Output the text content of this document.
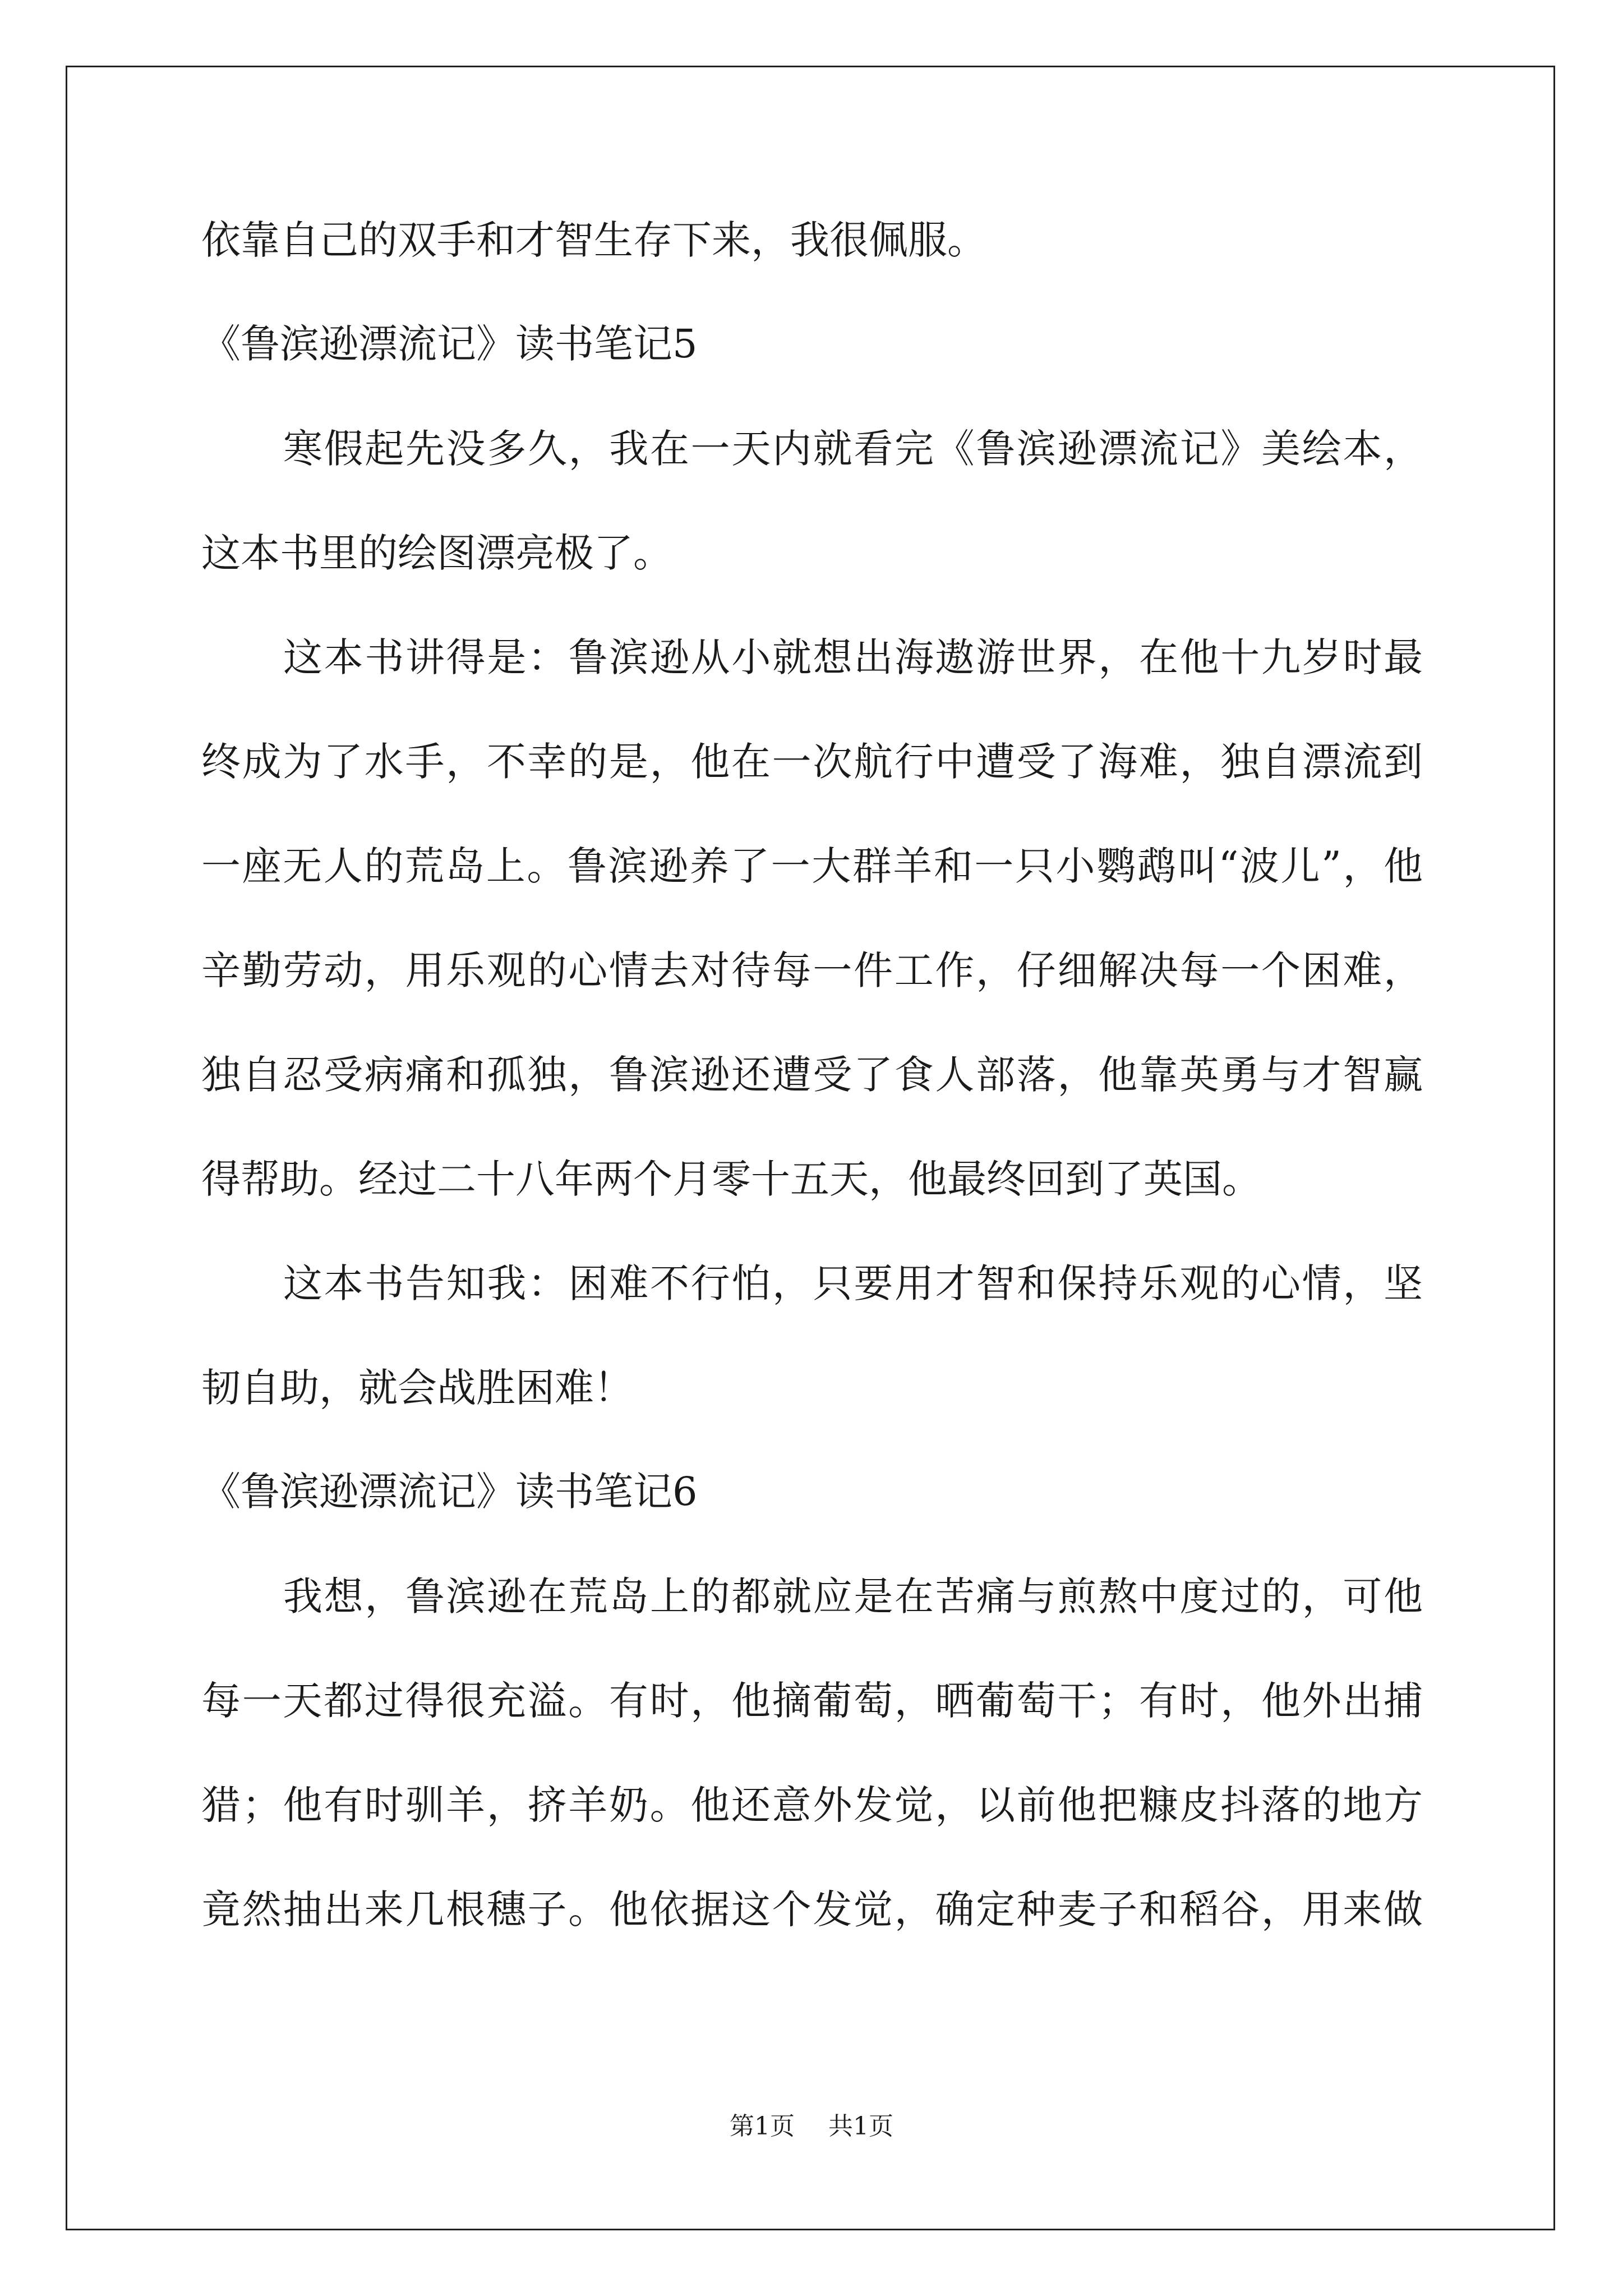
依靠自己的双手和才智生存下来，我很佩服。
《鲁滨逊漂流记》读书笔记5
寒假起先没多久，我在一天内就看完《鲁滨逊漂流记》美绘本，
这本书里的绘图漂亮极了。
这本书讲得是：鲁滨逊从小就想出海遨游世界，在他十九岁时最
终成为了水手，不幸的是，他在一次航行中遭受了海难，独自漂流到
一座无人的荒岛上。鲁滨逊养了一大群羊和一只小鹦鹉叫“波儿”，他
辛勤劳动，用乐观的心情去对待每一件工作，仔细解决每一个困难，
独自忍受病痛和孤独，鲁滨逊还遭受了食人部落，他靠英勇与才智赢
得帮助。经过二十八年两个月零十五天，他最终回到了英国。
这本书告知我：困难不行怕，只要用才智和保持乐观的心情，坚
韧自助，就会战胜困难！
《鲁滨逊漂流记》读书笔记6
我想，鲁滨逊在荒岛上的都就应是在苦痛与煎熬中度过的，可他
每一天都过得很充溢。有时，他摘葡萄，晒葡萄干；有时，他外出捕
猎；他有时驯羊，挤羊奶。他还意外发觉，以前他把糠皮抖落的地方
竟然抽出来几根穗子。他依据这个发觉，确定种麦子和稻谷，用来做
第1页 共1页
